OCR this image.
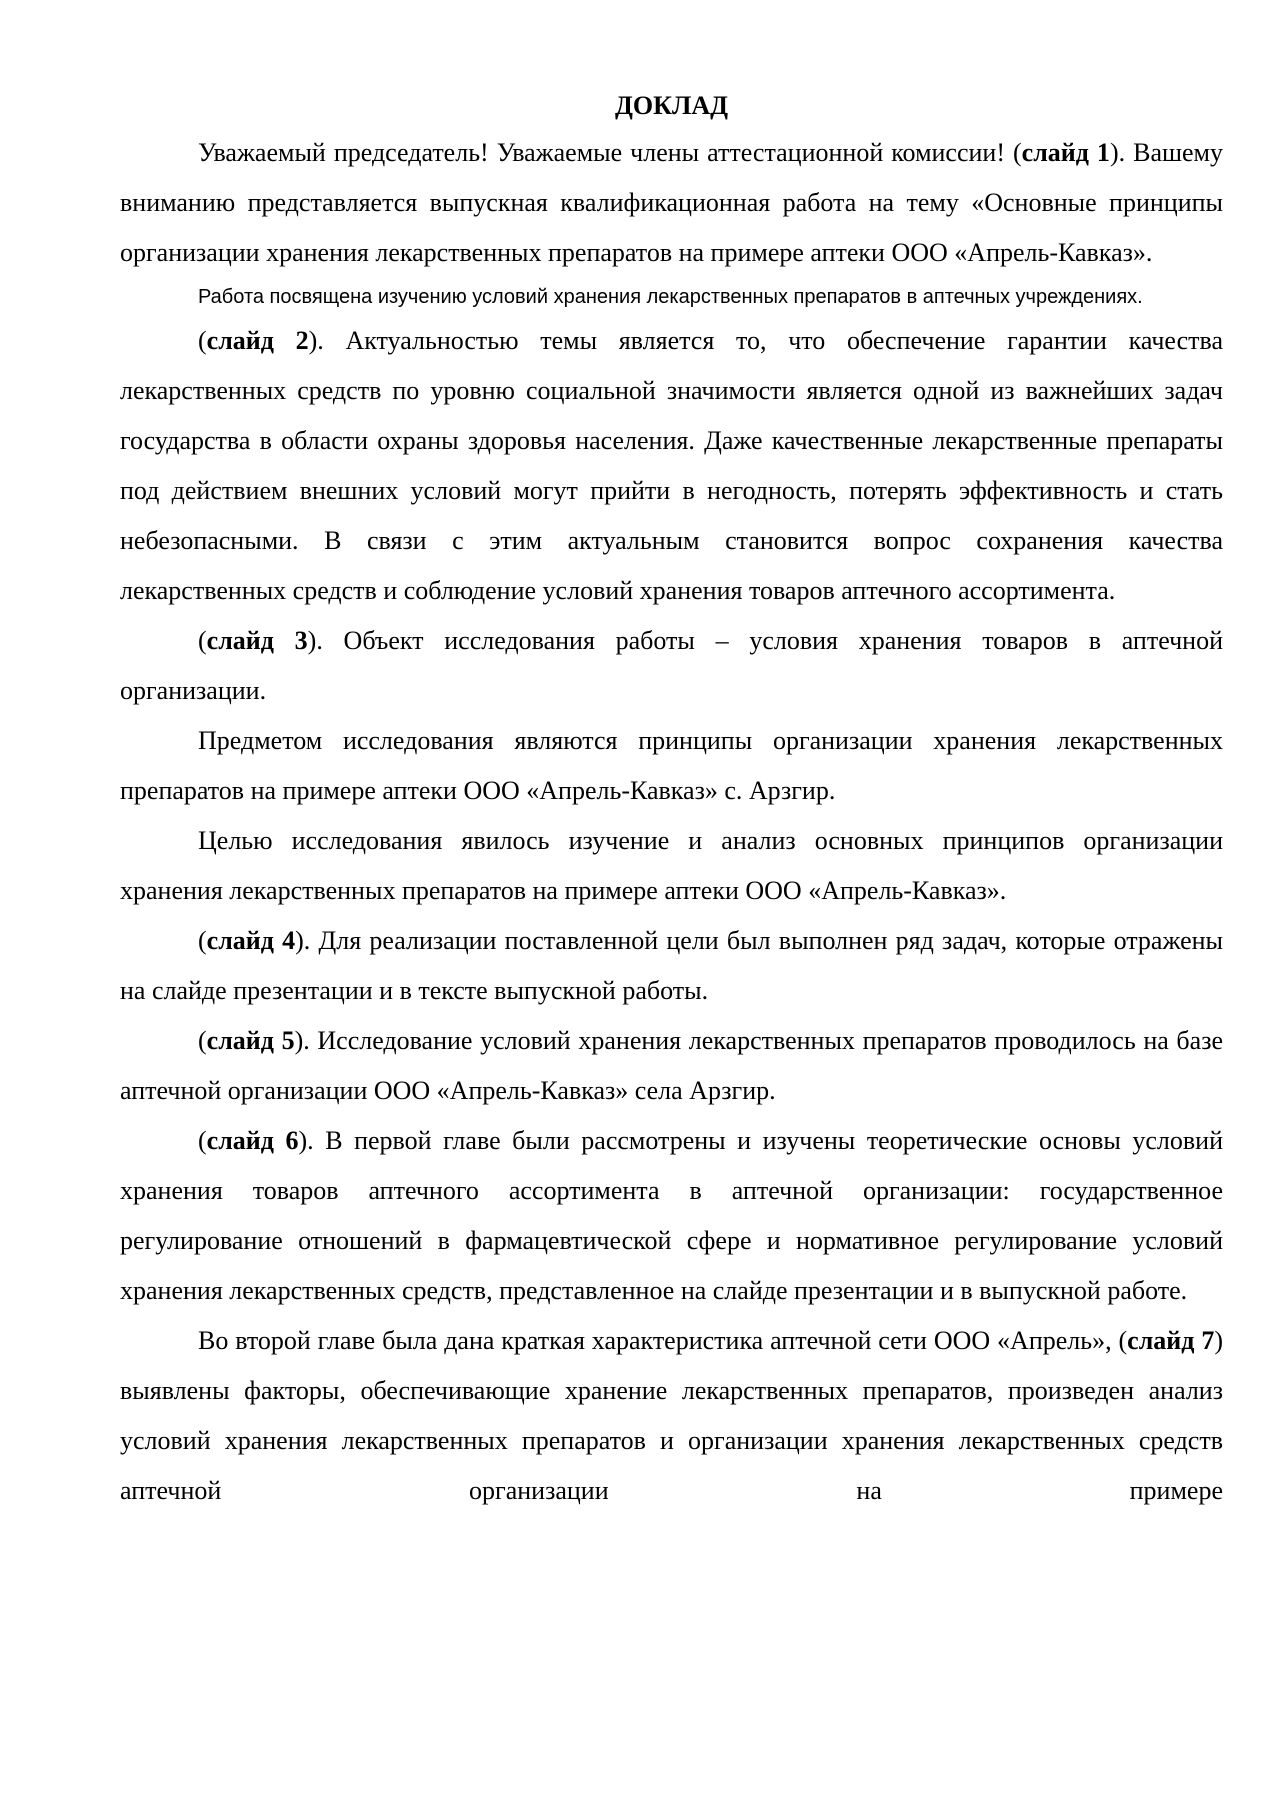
ДОКЛАД

Уважаемый председатель! Уважаемые члены аттестационной комиссии! (слайд 1). Вашему вниманию представляется выпускная квалификационная работа на тему «Основные принципы организации хранения лекарственных препаратов на примере аптеки ООО «Апрель-Кавказ».

Работа посвящена изучению условий хранения лекарственных препаратов в аптечных учреждениях.

(слайд 2). Актуальностью темы является то, что обеспечение гарантии качества лекарственных средств по уровню социальной значимости является одной из важнейших задач государства в области охраны здоровья населения. Даже качественные лекарственные препараты под действием внешних условий могут прийти в негодность, потерять эффективность и стать небезопасными. В связи с этим актуальным становится вопрос сохранения качества лекарственных средств и соблюдение условий хранения товаров аптечного ассортимента.

(слайд 3). Объект исследования работы – условия хранения товаров в аптечной организации.

Предметом исследования являются принципы организации хранения лекарственных препаратов на примере аптеки ООО «Апрель-Кавказ» с. Арзгир.

Целью исследования явилось изучение и анализ основных принципов организации хранения лекарственных препаратов на примере аптеки ООО «Апрель-Кавказ».

(слайд 4). Для реализации поставленной цели был выполнен ряд задач, которые отражены на слайде презентации и в тексте выпускной работы.

(слайд 5). Исследование условий хранения лекарственных препаратов проводилось на базе аптечной организации ООО «Апрель-Кавказ» села Арзгир.

(слайд 6). В первой главе были рассмотрены и изучены теоретические основы условий хранения товаров аптечного ассортимента в аптечной организации: государственное регулирование отношений в фармацевтической сфере и нормативное регулирование условий хранения лекарственных средств, представленное на слайде презентации и в выпускной работе.

Во второй главе была дана краткая характеристика аптечной сети ООО «Апрель», (слайд 7) выявлены факторы, обеспечивающие хранение лекарственных препаратов, произведен анализ условий хранения лекарственных препаратов и организации хранения лекарственных средств аптечной организации на примере
